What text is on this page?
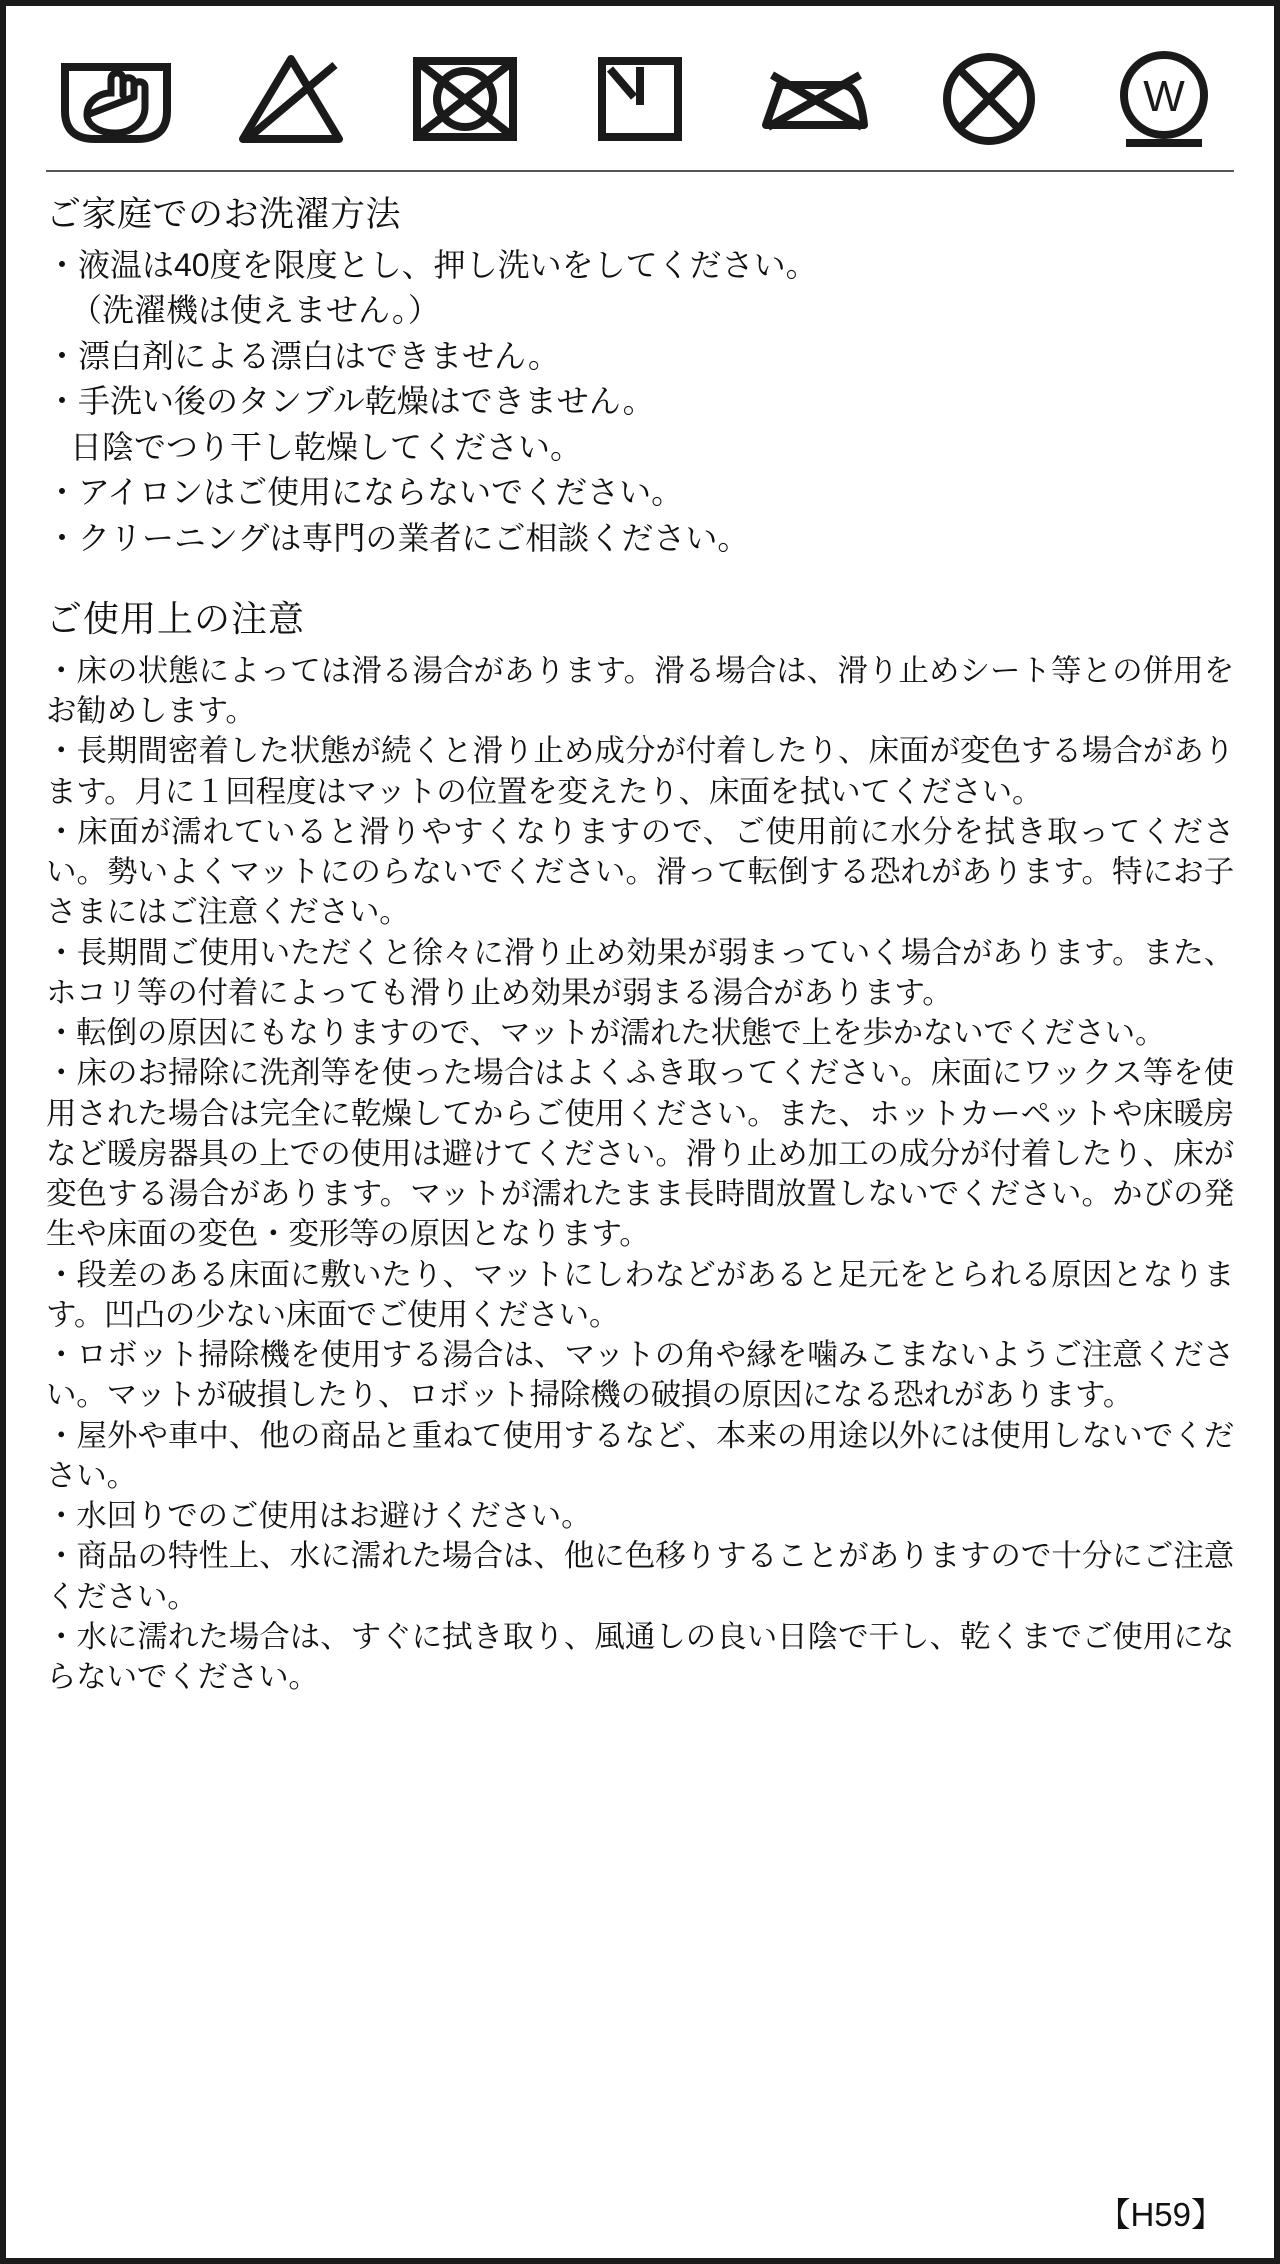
W
ご家庭でのお洗濯方法

・液温は40度を限度とし、押し洗いをしてください。

（洗濯機は使えません。）

・漂白剤による漂白はできません。

・手洗い後のタンブル乾燥はできません。

日陰でつり干し乾燥してください。

・アイロンはご使用にならないでください。

・クリーニングは専門の業者にご相談ください。

ご使用上の注意

・床の状態によっては滑る湯合があります。滑る場合は、滑り止めシート等との併用をお勧めします。

・長期間密着した状態が続くと滑り止め成分が付着したり、床面が変色する場合があります。月に１回程度はマットの位置を変えたり、床面を拭いてください。

・床面が濡れていると滑りやすくなりますので、ご使用前に水分を拭き取ってください。勢いよくマットにのらないでください。滑って転倒する恐れがあります。特にお子さまにはご注意ください。

・長期間ご使用いただくと徐々に滑り止め効果が弱まっていく場合があります。また、ホコリ等の付着によっても滑り止め効果が弱まる湯合があります。

・転倒の原因にもなりますので、マットが濡れた状態で上を歩かないでください。

・床のお掃除に洗剤等を使った場合はよくふき取ってください。床面にワックス等を使用された場合は完全に乾燥してからご使用ください。また、ホットカーペットや床暖房など暖房器具の上での使用は避けてください。滑り止め加工の成分が付着したり、床が変色する湯合があります。マットが濡れたまま長時間放置しないでください。かびの発生や床面の変色・変形等の原因となります。

・段差のある床面に敷いたり、マットにしわなどがあると足元をとられる原因となります。凹凸の少ない床面でご使用ください。

・ロボット掃除機を使用する湯合は、マットの角や縁を噛みこまないようご注意ください。マットが破損したり、ロボット掃除機の破損の原因になる恐れがあります。

・屋外や車中、他の商品と重ねて使用するなど、本来の用途以外には使用しないでください。

・水回りでのご使用はお避けください。

・商品の特性上、水に濡れた場合は、他に色移りすることがありますので十分にご注意ください。

・水に濡れた場合は、すぐに拭き取り、風通しの良い日陰で干し、乾くまでご使用にならないでください。

【H59】
